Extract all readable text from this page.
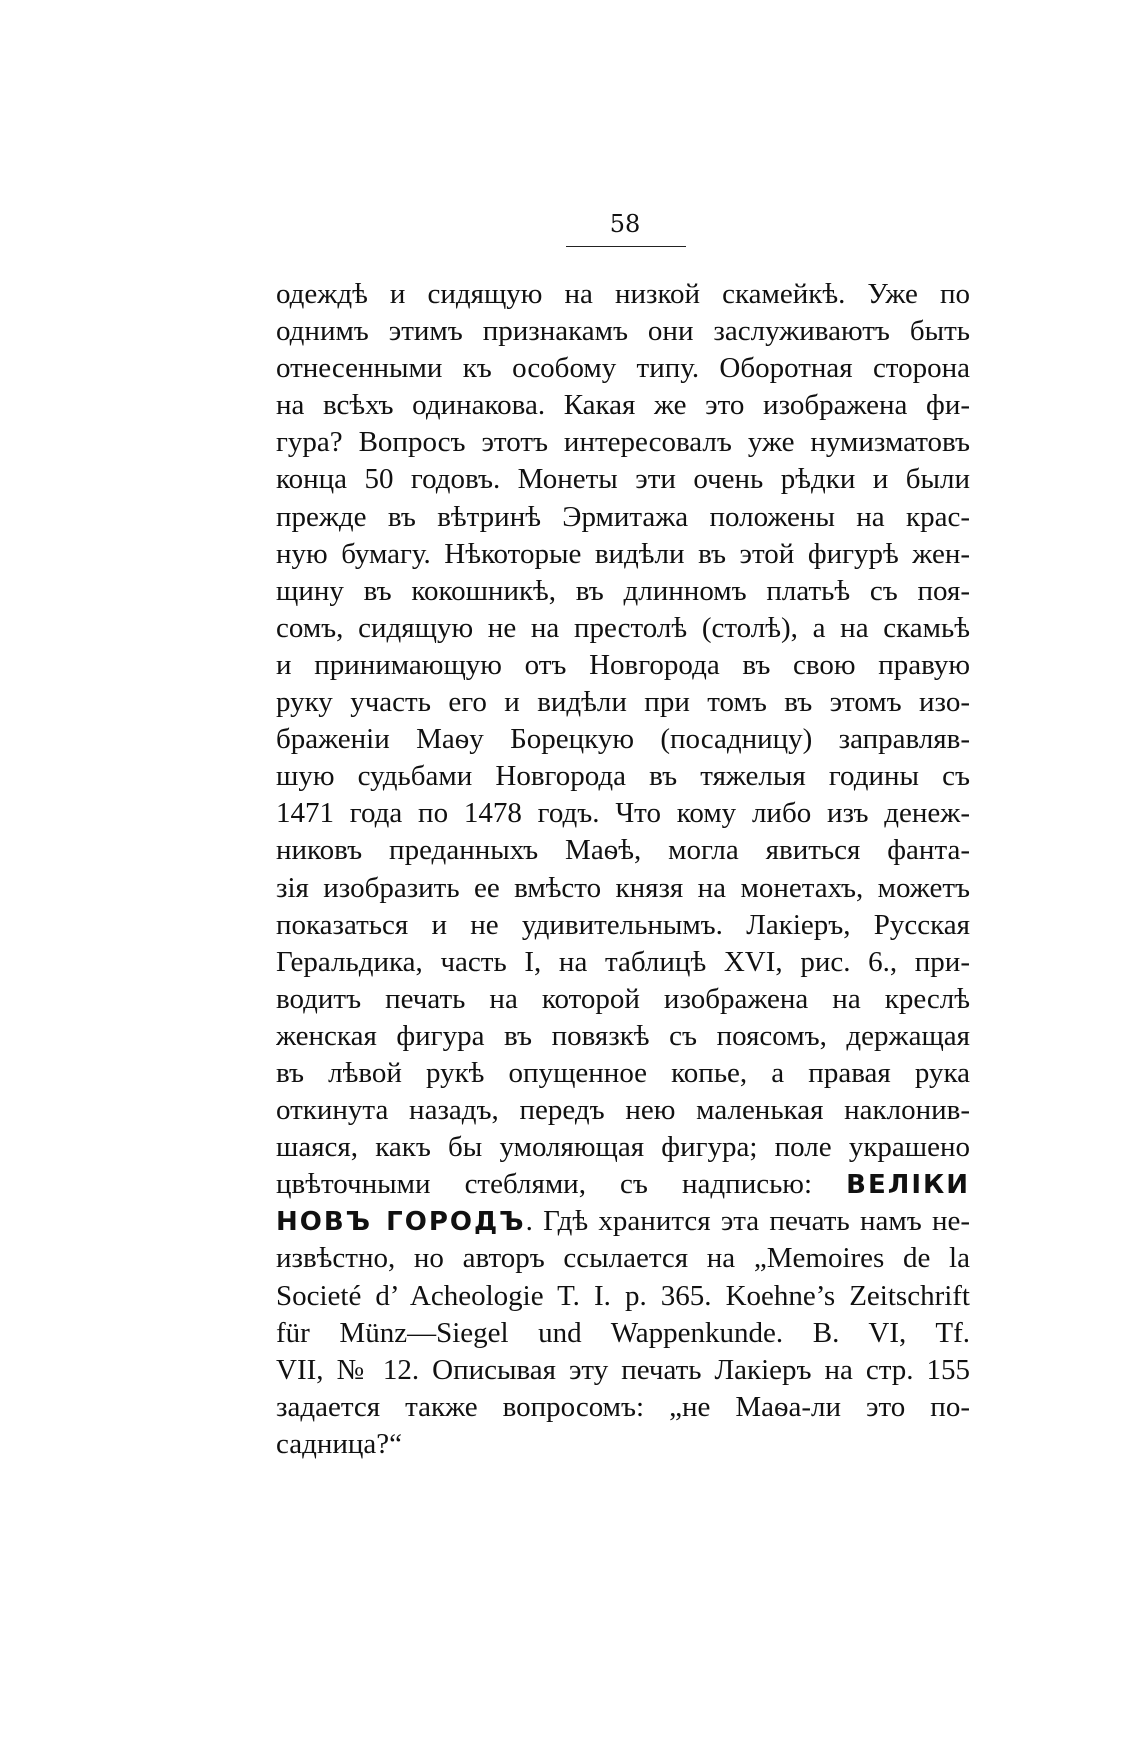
58
одеждѣ и сидящую на низкой скамейкѣ. Уже по
однимъ этимъ признакамъ они заслуживаютъ быть
отнесенными къ особому типу. Оборотная сторона
на всѣхъ одинакова. Какая же это изображена фи-
гура? Вопросъ этотъ интересовалъ уже нумизматовъ
конца 50 годовъ. Монеты эти очень рѣдки и были
прежде въ вѣтринѣ Эрмитажа положены на крас-
ную бумагу. Нѣкоторые видѣли въ этой фигурѣ жен-
щину въ кокошникѣ, въ длинномъ платьѣ съ поя-
сомъ, сидящую не на престолѣ (столѣ), а на скамьѣ
и принимающую отъ Новгорода въ свою правую
руку участь его и видѣли при томъ въ этомъ изо-
браженіи Маѳу Борецкую (посадницу) заправляв-
шую судьбами Новгорода въ тяжелыя годины съ
1471 года по 1478 годъ. Что кому либо изъ денеж-
никовъ преданныхъ Маѳѣ, могла явиться фанта-
зія изобразить ее вмѣсто князя на монетахъ, можетъ
показаться и не удивительнымъ. Лакіеръ, Русская
Геральдика, часть I, на таблицѣ XVI, рис. 6., при-
водитъ печать на которой изображена на креслѣ
женская фигура въ повязкѣ съ поясомъ, держащая
въ лѣвой рукѣ опущенное копье, а правая рука
откинута назадъ, передъ нею маленькая наклонив-
шаяся, какъ бы умоляющая фигура; поле украшено
цвѣточными стеблями, съ надписью: ВЕЛІКИ
НОВЪ ГОРОДЪ. Гдѣ хранится эта печать намъ не-
извѣстно, но авторъ ссылается на „Memoires de la
Societé d’ Acheologie T. I. p. 365. Koehne’s Zeitschrift
für Münz—Siegel und Wappenkunde. B. VI, Tf.
VII, № 12. Описывая эту печать Лакіеръ на стр. 155
задается также вопросомъ: „не Маѳа-ли это по-
садница?“
